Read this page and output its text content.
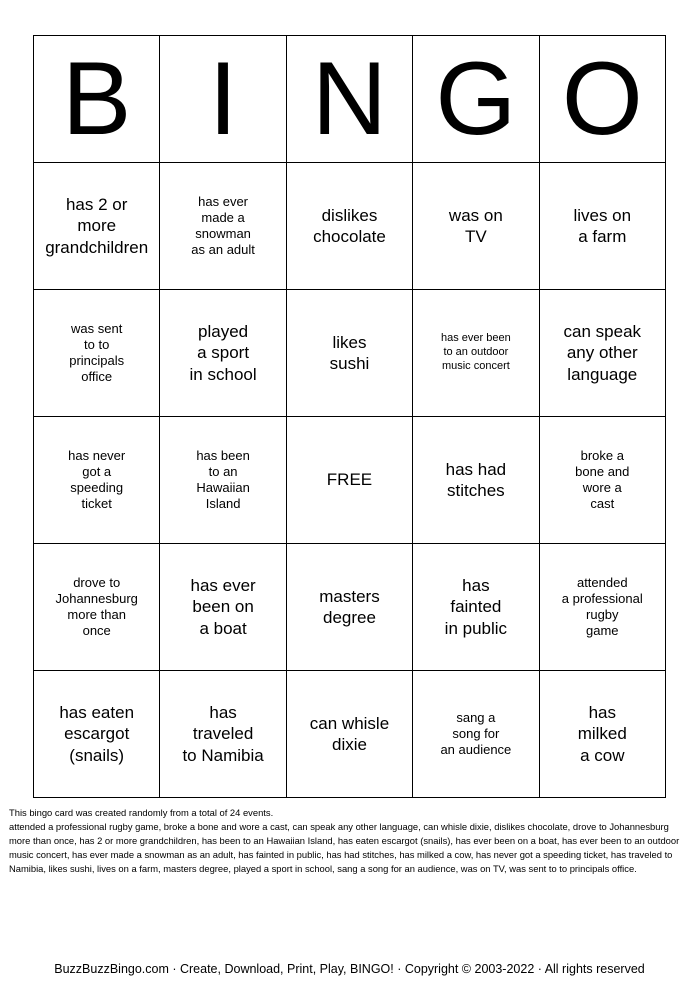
B	I	N	G	O

has 2 or
more
grandchildren	has ever
made a
snowman
as an adult	dislikes
chocolate	was on
TV	lives on
a farm

was sent
to to
principals
office	played
a sport
in school	likes
sushi	has ever been
to an outdoor
music concert	can speak
any other
language

has never
got a
speeding
ticket	has been
to an
Hawaiian
Island	FREE	has had
stitches	broke a
bone and
wore a
cast

drove to
Johannesburg
more than
once	has ever
been on
a boat	masters
degree	has
fainted
in public	attended
a professional
rugby
game

has eaten
escargot
(snails)	has
traveled
to Namibia	can whisle
dixie	sang a
song for
an audience	has
milked
a cow

This bingo card was created randomly from a total of 24 events.

attended a professional rugby game, broke a bone and wore a cast, can speak any other language, can whisle dixie, dislikes chocolate, drove to Johannesburg more than once, has 2 or more grandchildren, has been to an Hawaiian Island, has eaten escargot (snails), has ever been on a boat, has ever been to an outdoor music concert, has ever made a snowman as an adult, has fainted in public, has had stitches, has milked a cow, has never got a speeding ticket, has traveled to Namibia, likes sushi, lives on a farm, masters degree, played a sport in school, sang a song for an audience, was on TV, was sent to to principals office.

BuzzBuzzBingo.com · Create, Download, Print, Play, BINGO! · Copyright © 2003-2022 · All rights reserved
